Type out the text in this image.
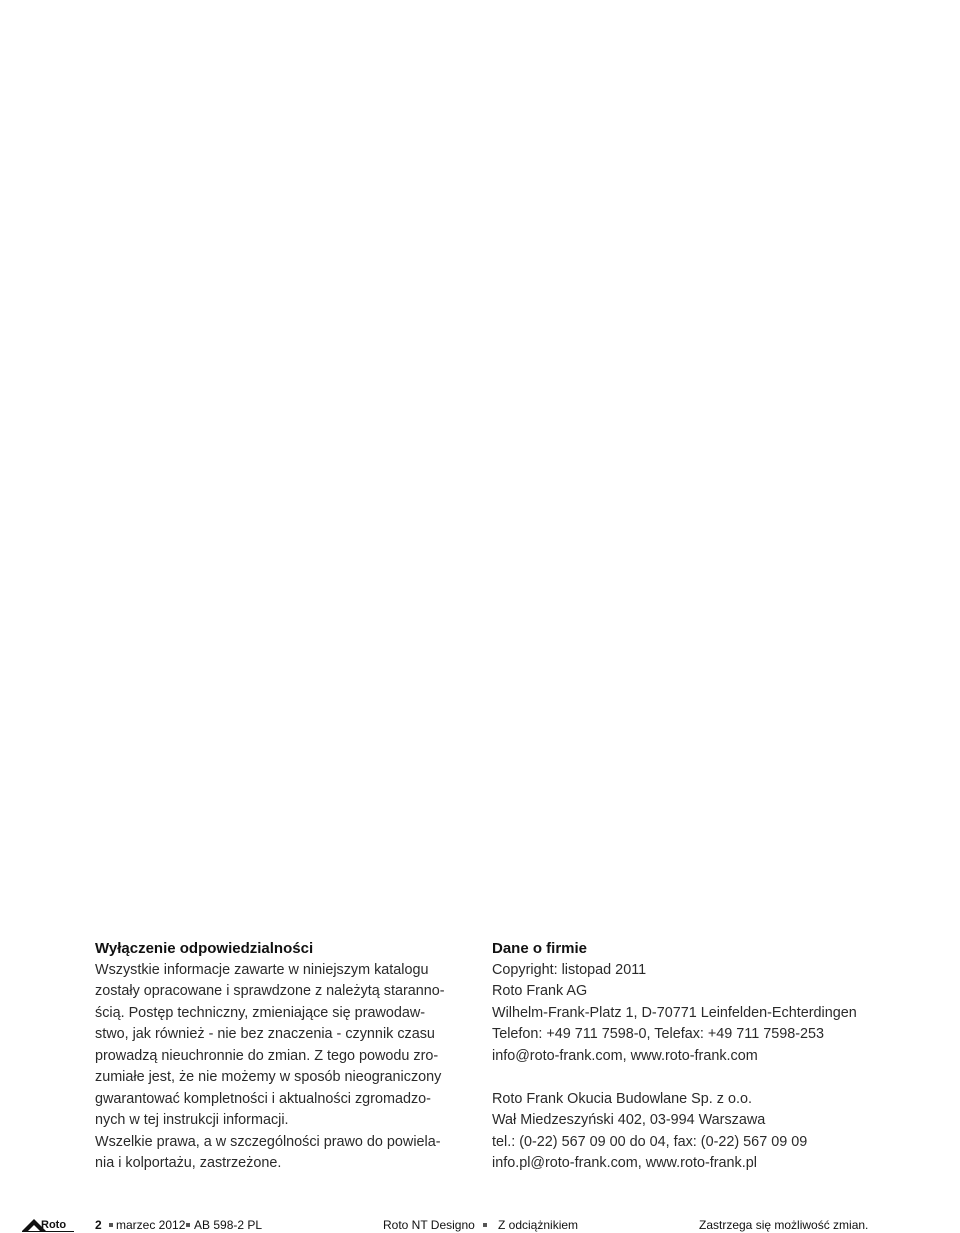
Wyłączenie odpowiedzialności
Wszystkie informacje zawarte w niniejszym katalogu
zostały opracowane i sprawdzone z należytą staranno-
ścią. Postęp techniczny, zmieniające się prawodaw-
stwo, jak również - nie bez znaczenia - czynnik czasu
prowadzą nieuchronnie do zmian. Z tego powodu zro-
zumiałe jest, że nie możemy w sposób nieograniczony
gwarantować kompletności i aktualności zgromadzo-
nych w tej instrukcji informacji.
Wszelkie prawa, a w szczególności prawo do powiela-
nia i kolportażu, zastrzeżone.
Dane o firmie
Copyright: listopad 2011
Roto Frank AG
Wilhelm-Frank-Platz 1, D-70771 Leinfelden-Echterdingen
Telefon: +49 711 7598-0, Telefax: +49 711 7598-253
info@roto-frank.com, www.roto-frank.com
Roto Frank Okucia Budowlane Sp. z o.o.
Wał Miedzeszyński 402, 03-994 Warszawa
tel.: (0-22) 567 09 00 do 04, fax: (0-22) 567 09 09
info.pl@roto-frank.com, www.roto-frank.pl
Roto 2 marzec 2012 AB 598-2 PL	Roto NT Designo Z odciążnikiem	Zastrzega się możliwość zmian.
